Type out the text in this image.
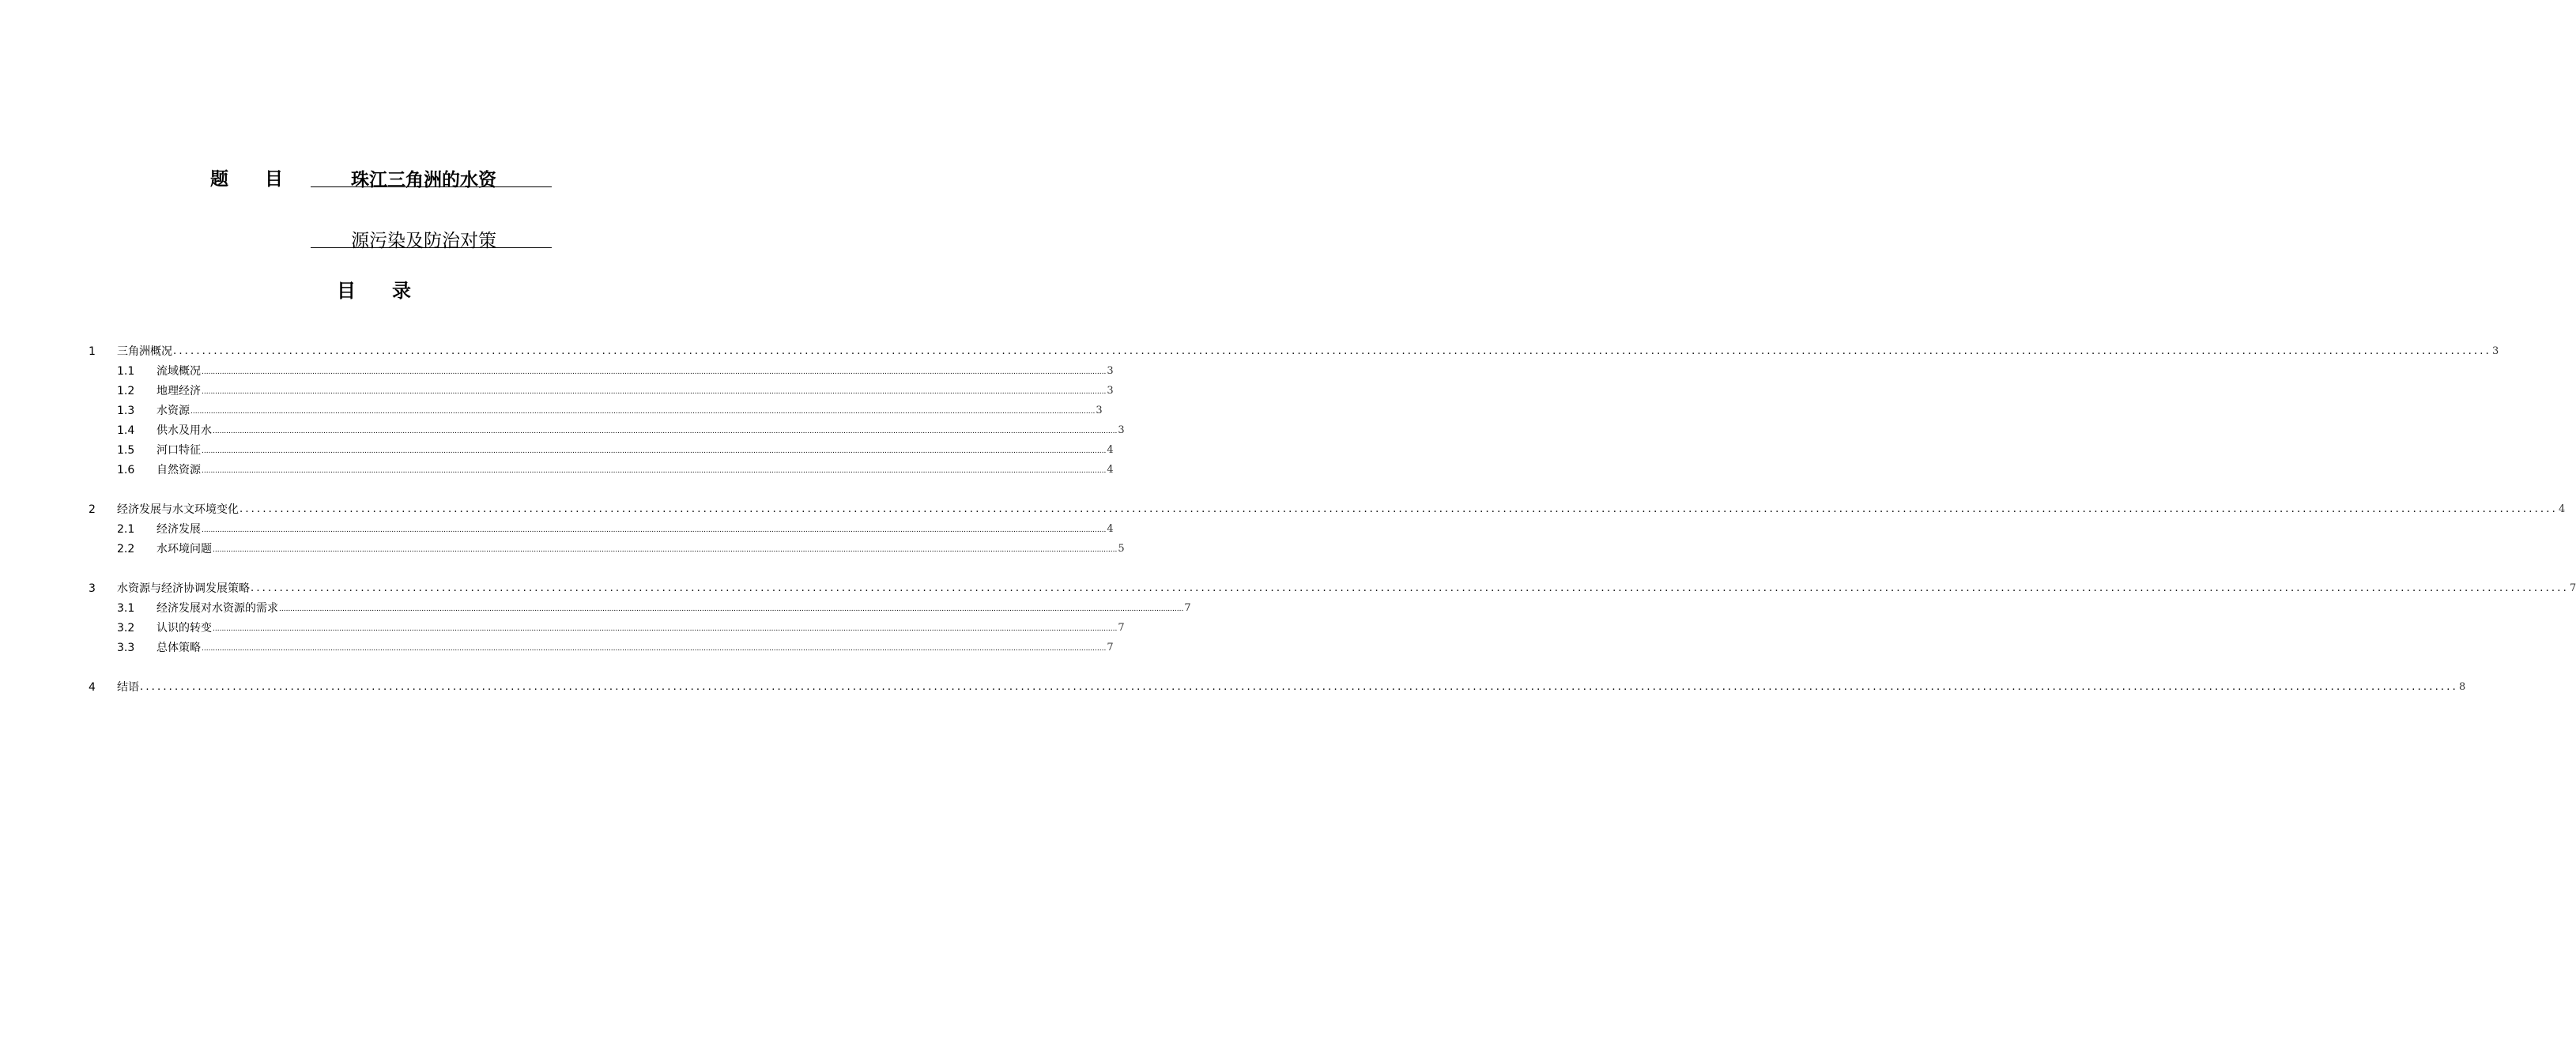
题　　目	珠江三角洲的水资
源污染及防治对策
目录
1	三角洲概况 ................................................................................................................................................................................................................................................................................................................................................................................................................ 3
1.1	流域概况 ................................................................................................................................................................................................................................................................................................................................................................................................................ 3
1.2	地理经济 ................................................................................................................................................................................................................................................................................................................................................................................................................ 3
1.3	水资源 ................................................................................................................................................................................................................................................................................................................................................................................................................ 3
1.4	供水及用水 ................................................................................................................................................................................................................................................................................................................................................................................................................ 3
1.5	河口特征 ................................................................................................................................................................................................................................................................................................................................................................................................................ 4
1.6	自然资源 ................................................................................................................................................................................................................................................................................................................................................................................................................ 4
2	经济发展与水文环境变化 ................................................................................................................................................................................................................................................................................................................................................................................................................ 4
2.1	经济发展 ................................................................................................................................................................................................................................................................................................................................................................................................................ 4
2.2	水环境问题 ................................................................................................................................................................................................................................................................................................................................................................................................................ 5
3	水资源与经济协调发展策略 ................................................................................................................................................................................................................................................................................................................................................................................................................ 7
3.1	经济发展对水资源的需求 ................................................................................................................................................................................................................................................................................................................................................................................................................ 7
3.2	认识的转变 ................................................................................................................................................................................................................................................................................................................................................................................................................ 7
3.3	总体策略 ................................................................................................................................................................................................................................................................................................................................................................................................................ 7
4	结语 ................................................................................................................................................................................................................................................................................................................................................................................................................ 8
